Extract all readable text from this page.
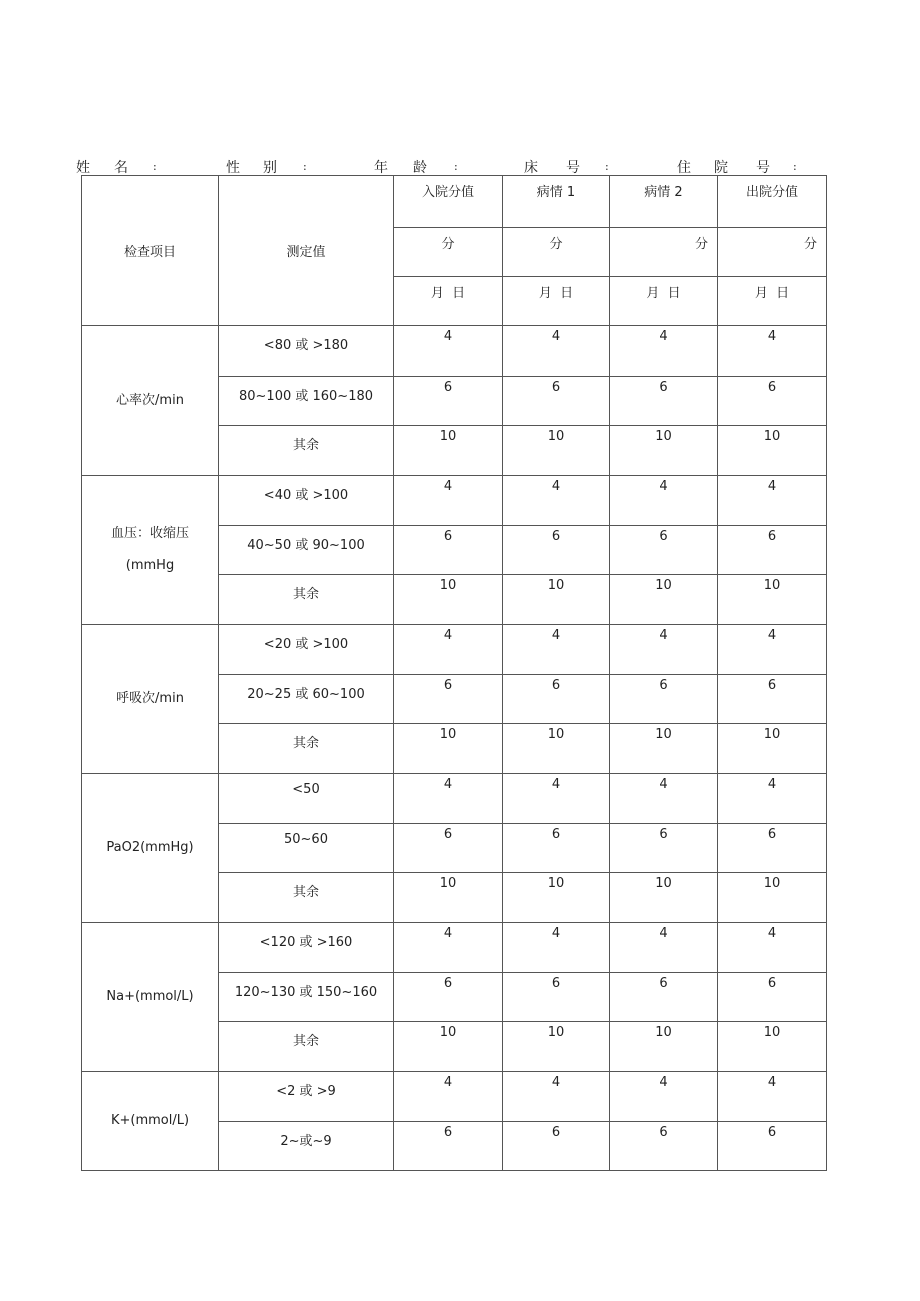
姓 名 :	性 别 :	年 龄 :	床 号 :	住 院 号 :
检查项目	测定值	入院分值	病情 1	病情 2	出院分值
		分	分	分	分
		月 日	月 日	月 日	月 日

心率次/min	<80 或 >180	4	4	4	4
	80~100 或 160~180	6	6	6	6
	其余	10	10	10	10

血压：收缩压
(mmHg	<40 或 >100	4	4	4	4
	40~50 或 90~100	6	6	6	6
	其余	10	10	10	10

呼吸次/min	<20 或 >100	4	4	4	4
	20~25 或 60~100	6	6	6	6
	其余	10	10	10	10

PaO2(mmHg)	<50	4	4	4	4
	50~60	6	6	6	6
	其余	10	10	10	10

Na+(mmol/L)	<120 或 >160	4	4	4	4
	120~130 或 150~160	6	6	6	6
	其余	10	10	10	10

K+(mmol/L)	<2 或 >9	4	4	4	4
	2~或~9	6	6	6	6
